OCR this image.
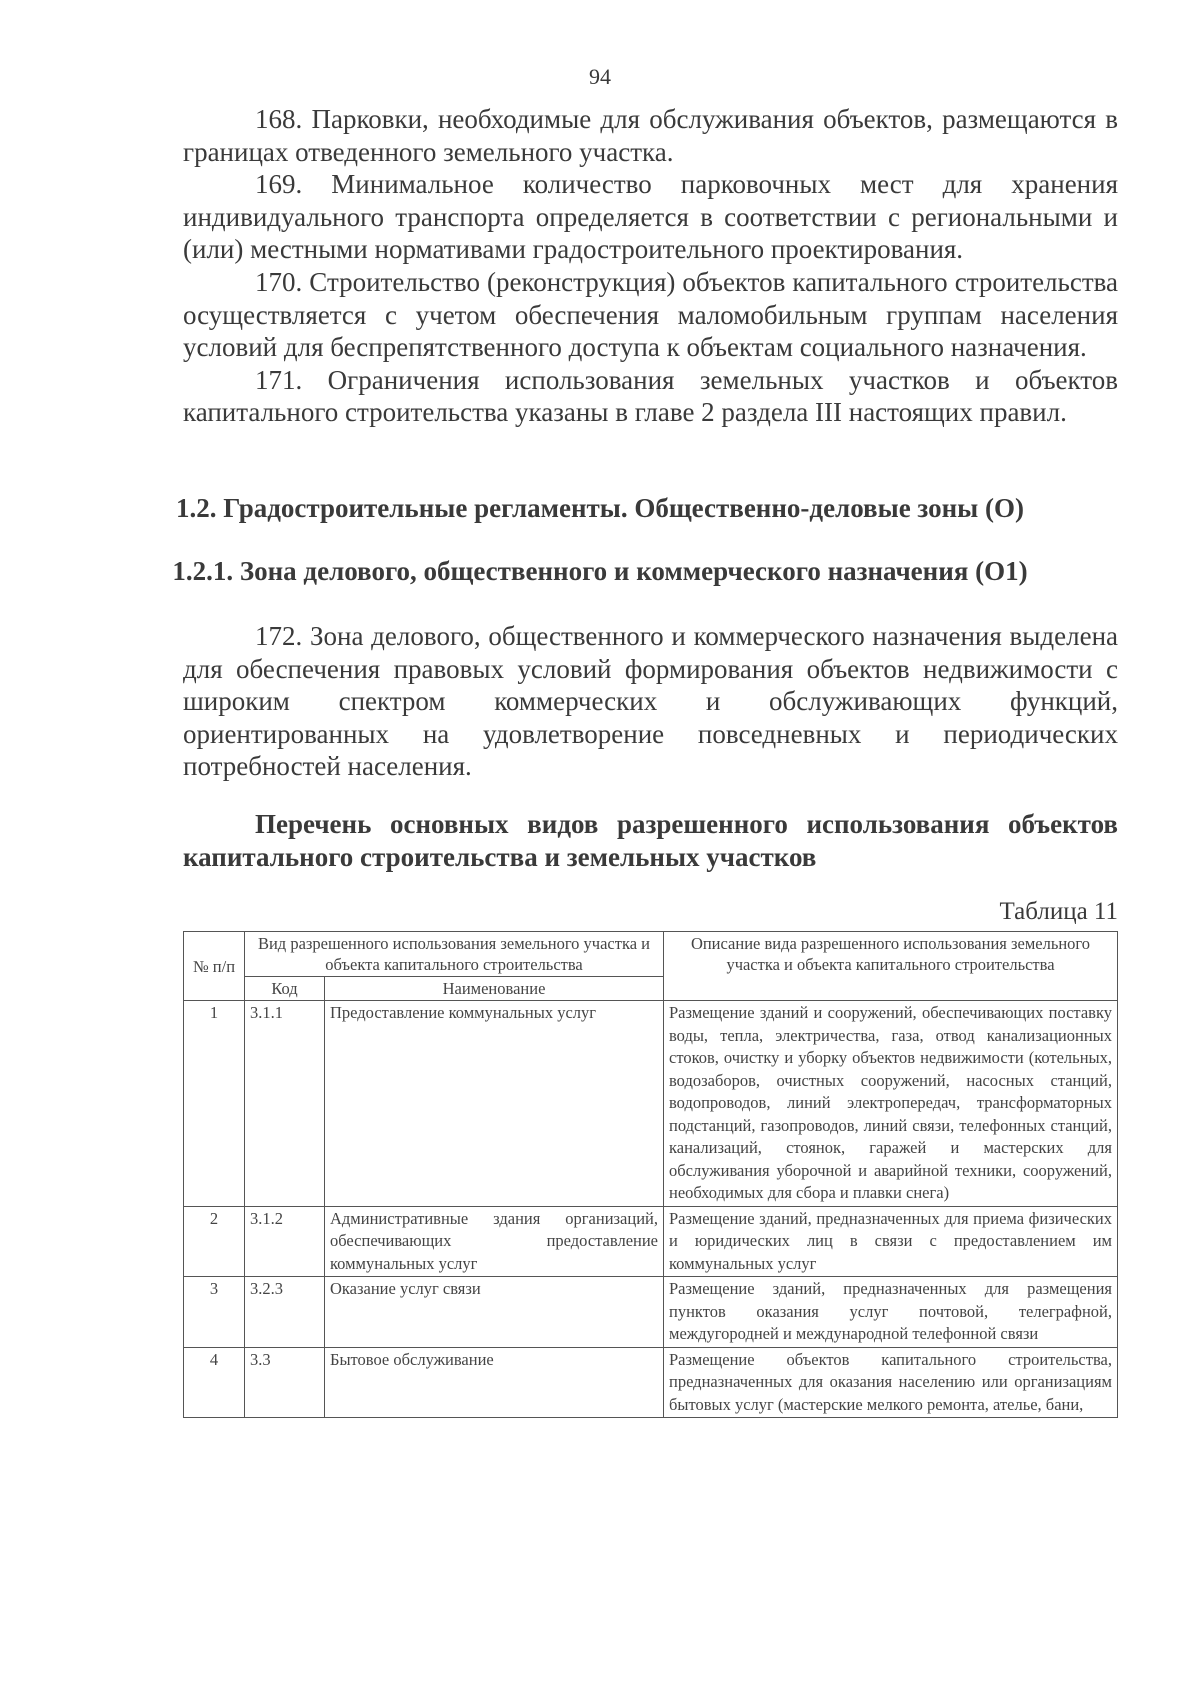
94

168. Парковки, необходимые для обслуживания объектов, размещаются в границах отведенного земельного участка.

169. Минимальное количество парковочных мест для хранения индивидуального транспорта определяется в соответствии с региональными и (или) местными нормативами градостроительного проектирования.

170. Строительство (реконструкция) объектов капитального строительства осуществляется с учетом обеспечения маломобильным группам населения условий для беспрепятственного доступа к объектам социального назначения.

171. Ограничения использования земельных участков и объектов капитального строительства указаны в главе 2 раздела III настоящих правил.

1.2. Градостроительные регламенты. Общественно-деловые зоны (О)
1.2.1. Зона делового, общественного и коммерческого назначения (О1)

172. Зона делового, общественного и коммерческого назначения выделена для обеспечения правовых условий формирования объектов недвижимости с широким спектром коммерческих и обслуживающих функций, ориентированных на удовлетворение повседневных и периодических потребностей населения.

Перечень основных видов разрешенного использования объектов капитального строительства и земельных участков

Таблица 11
№ п/п	Вид разрешенного использования земельного участка и объекта капитального строительства		Описание вида разрешенного использования земельного участка и объекта капитального строительства
	Код	Наименование	
1	3.1.1	Предоставление коммунальных услуг	Размещение зданий и сооружений, обеспечивающих поставку воды, тепла, электричества, газа, отвод канализационных стоков, очистку и уборку объектов недвижимости (котельных, водозаборов, очистных сооружений, насосных станций, водопроводов, линий электропередач, трансформаторных подстанций, газопроводов, линий связи, телефонных станций, канализаций, стоянок, гаражей и мастерских для обслуживания уборочной и аварийной техники, сооружений, необходимых для сбора и плавки снега)
2	3.1.2	Административные здания организаций, обеспечивающих предоставление коммунальных услуг	Размещение зданий, предназначенных для приема физических и юридических лиц в связи с предоставлением им коммунальных услуг
3	3.2.3	Оказание услуг связи	Размещение зданий, предназначенных для размещения пунктов оказания услуг почтовой, телеграфной, междугородней и международной телефонной связи
4	3.3	Бытовое обслуживание	Размещение объектов капитального строительства, предназначенных для оказания населению или организациям бытовых услуг (мастерские мелкого ремонта, ателье, бани,
